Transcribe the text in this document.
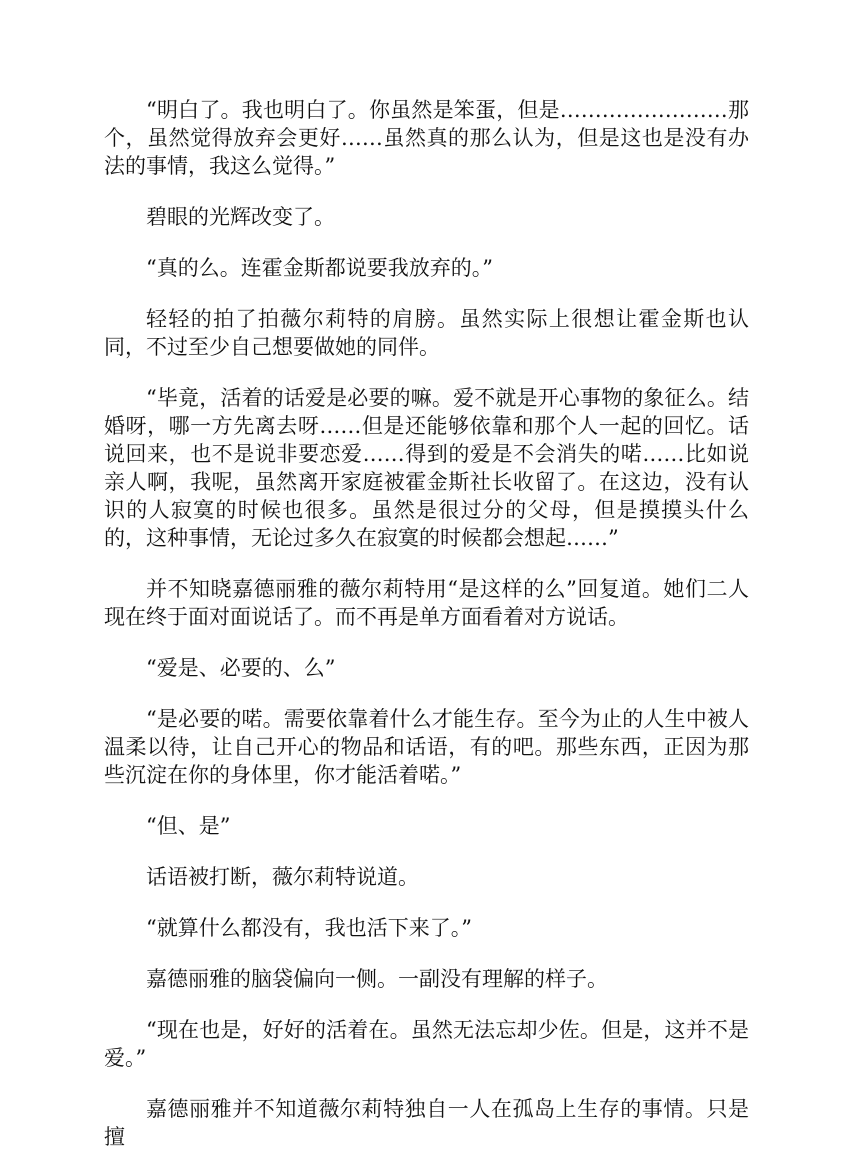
“明白了。我也明白了。你虽然是笨蛋，但是……………………那个，虽然觉得放弃会更好……虽然真的那么认为，但是这也是没有办法的事情，我这么觉得。”

碧眼的光辉改变了。

“真的么。连霍金斯都说要我放弃的。”

轻轻的拍了拍薇尔莉特的肩膀。虽然实际上很想让霍金斯也认同，不过至少自己想要做她的同伴。

“毕竟，活着的话爱是必要的嘛。爱不就是开心事物的象征么。结婚呀，哪一方先离去呀……但是还能够依靠和那个人一起的回忆。话说回来，也不是说非要恋爱……得到的爱是不会消失的喏……比如说亲人啊，我呢，虽然离开家庭被霍金斯社长收留了。在这边，没有认识的人寂寞的时候也很多。虽然是很过分的父母，但是摸摸头什么的，这种事情，无论过多久在寂寞的时候都会想起……”

并不知晓嘉德丽雅的薇尔莉特用“是这样的么”回复道。她们二人现在终于面对面说话了。而不再是单方面看着对方说话。

“爱是、必要的、么”

“是必要的喏。需要依靠着什么才能生存。至今为止的人生中被人温柔以待，让自己开心的物品和话语，有的吧。那些东西，正因为那些沉淀在你的身体里，你才能活着喏。”

“但、是”

话语被打断，薇尔莉特说道。

“就算什么都没有，我也活下来了。”

嘉德丽雅的脑袋偏向一侧。一副没有理解的样子。

“现在也是，好好的活着在。虽然无法忘却少佐。但是，这并不是爱。”

嘉德丽雅并不知道薇尔莉特独自一人在孤岛上生存的事情。只是擅
